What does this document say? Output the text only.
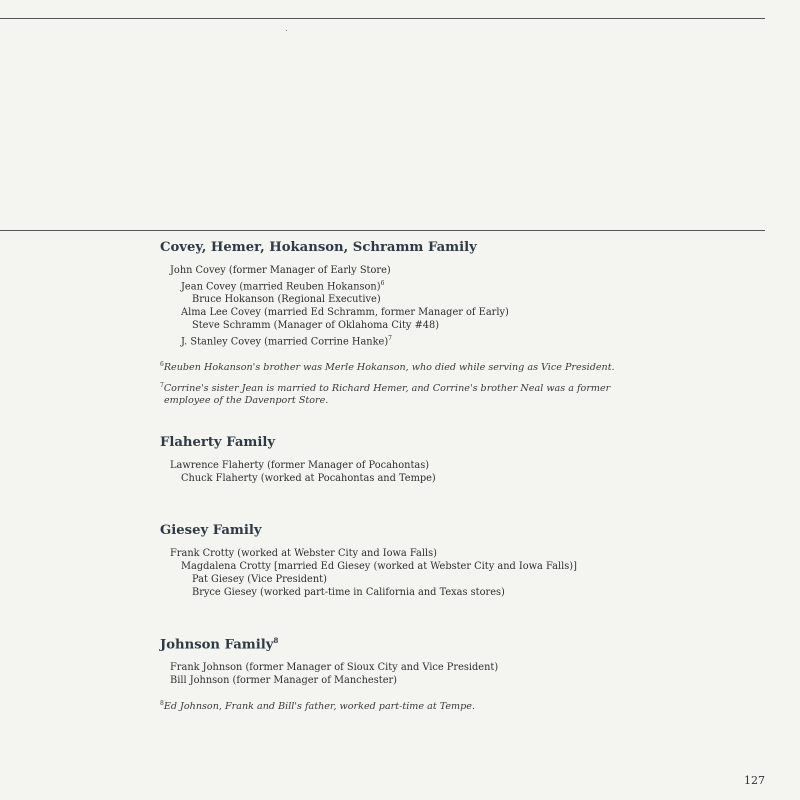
Covey, Hemer, Hokanson, Schramm Family
John Covey (former Manager of Early Store)
Jean Covey (married Reuben Hokanson)$^6$
Bruce Hokanson (Regional Executive)
Alma Lee Covey (married Ed Schramm, former Manager of Early)
Steve Schramm (Manager of Oklahoma City #48)
J. Stanley Covey (married Corrine Hanke)$^7$
$^6$Reuben Hokanson's brother was Merle Hokanson, who died while serving as Vice President.
$^7$Corrine's sister Jean is married to Richard Hemer, and Corrine's brother Neal was a former
employee of the Davenport Store.
Flaherty Family
Lawrence Flaherty (former Manager of Pocahontas)
Chuck Flaherty (worked at Pocahontas and Tempe)
Giesey Family
Frank Crotty (worked at Webster City and Iowa Falls)
Magdalena Crotty [married Ed Giesey (worked at Webster City and Iowa Falls)]
Pat Giesey (Vice President)
Bryce Giesey (worked part-time in California and Texas stores)
Johnson Family$^8$
Frank Johnson (former Manager of Sioux City and Vice President)
Bill Johnson (former Manager of Manchester)
$^8$Ed Johnson, Frank and Bill's father, worked part-time at Tempe.
127
